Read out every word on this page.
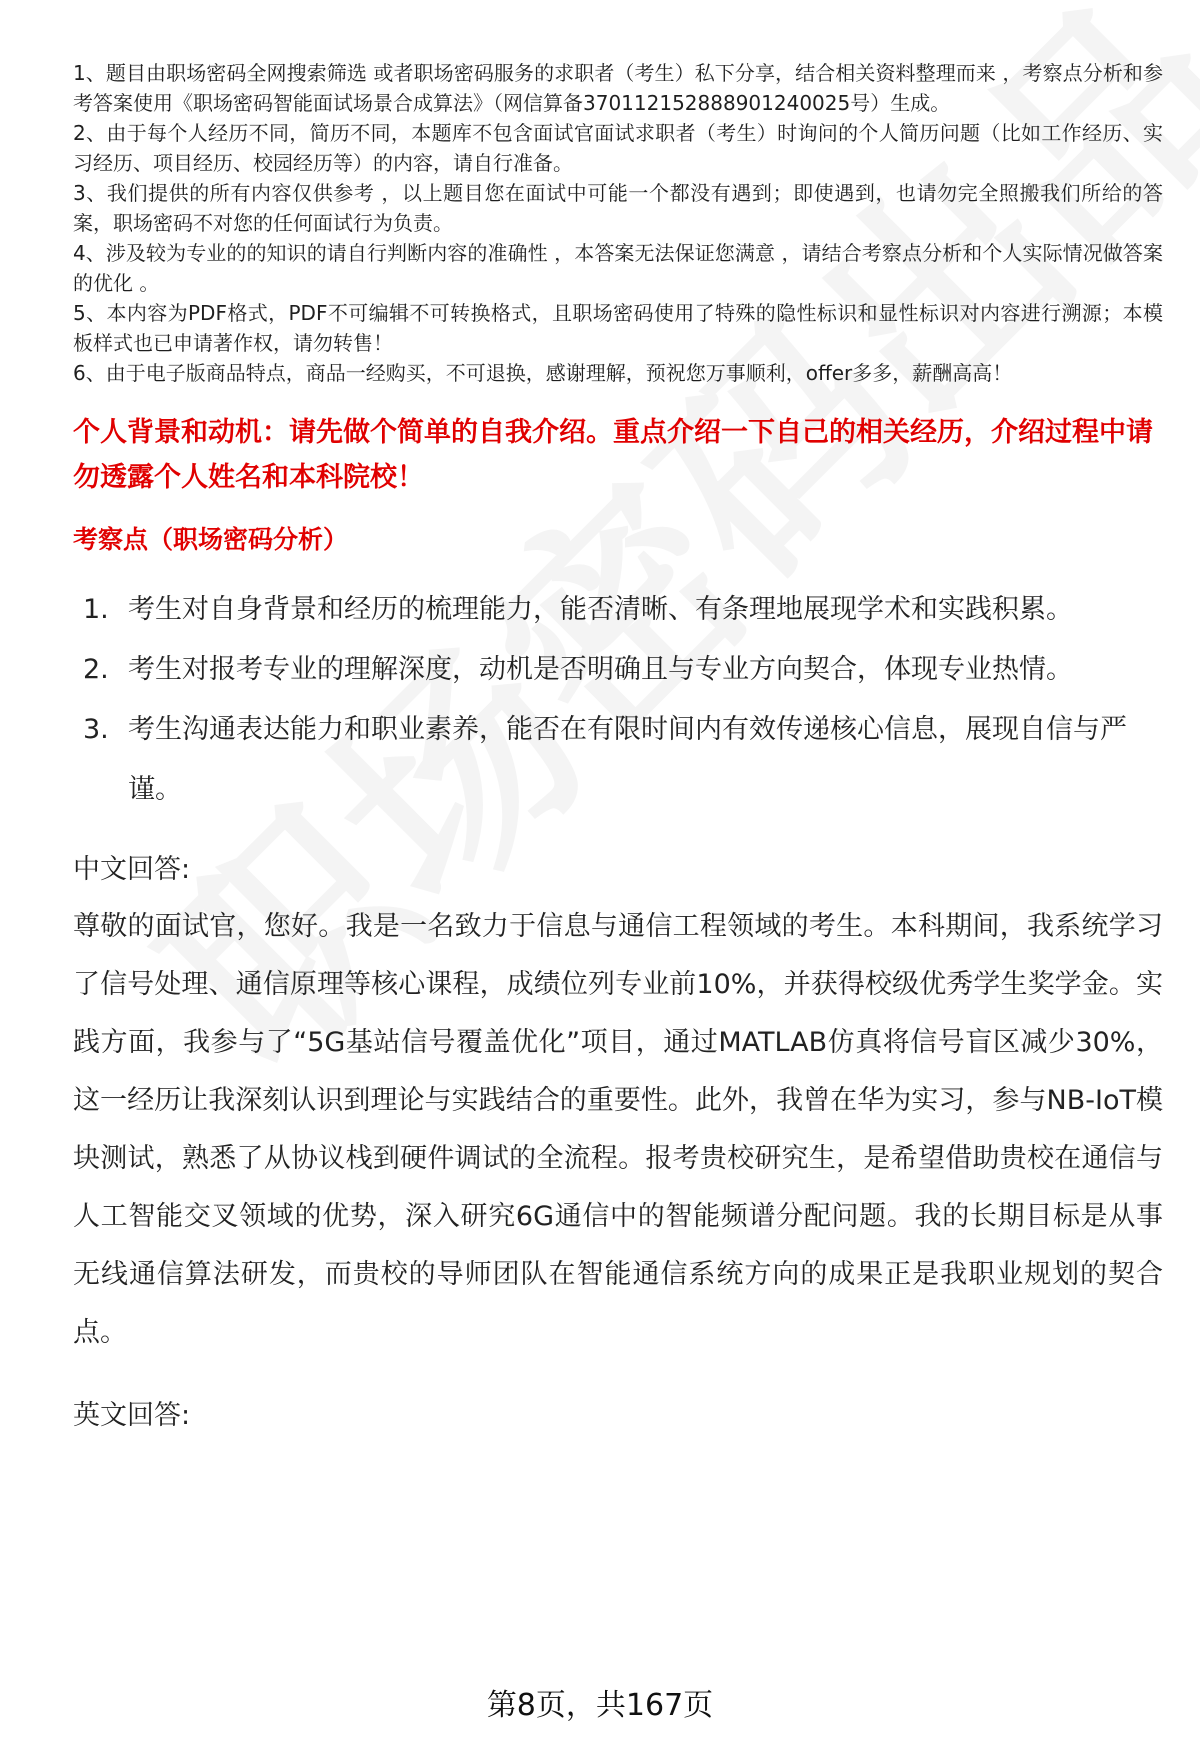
1、题目由职场密码全网搜索筛选 或者职场密码服务的求职者（考生）私下分享，结合相关资料整理而来 ，考察点分析和参考答案使用《职场密码智能面试场景合成算法》（网信算备370112152888901240025号）生成。

2、由于每个人经历不同，简历不同，本题库不包含面试官面试求职者（考生）时询问的个人简历问题（比如工作经历、实习经历、项目经历、校园经历等）的内容，请自行准备。

3、我们提供的所有内容仅供参考 ，以上题目您在面试中可能一个都没有遇到；即使遇到，也请勿完全照搬我们所给的答案，职场密码不对您的任何面试行为负责。

4、涉及较为专业的的知识的请自行判断内容的准确性 ，本答案无法保证您满意 ，请结合考察点分析和个人实际情况做答案的优化 。

5、本内容为PDF格式，PDF不可编辑不可转换格式，且职场密码使用了特殊的隐性标识和显性标识对内容进行溯源；本模板样式也已申请著作权，请勿转售！

6、由于电子版商品特点，商品一经购买，不可退换，感谢理解，预祝您万事顺利，offer多多，薪酬高高！

个人背景和动机：请先做个简单的自我介绍。重点介绍一下自己的相关经历，介绍过程中请勿透露个人姓名和本科院校！
考察点（职场密码分析）
1. 考生对自身背景和经历的梳理能力，能否清晰、有条理地展现学术和实践积累。
2. 考生对报考专业的理解深度，动机是否明确且与专业方向契合，体现专业热情。
3. 考生沟通表达能力和职业素养，能否在有限时间内有效传递核心信息，展现自信与严谨。
中文回答:
尊敬的面试官，您好。我是一名致力于信息与通信工程领域的考生。本科期间，我系统学习了信号处理、通信原理等核心课程，成绩位列专业前10%，并获得校级优秀学生奖学金。实践方面，我参与了“5G基站信号覆盖优化”项目，通过MATLAB仿真将信号盲区减少30%，这一经历让我深刻认识到理论与实践结合的重要性。此外，我曾在华为实习，参与NB-IoT模块测试，熟悉了从协议栈到硬件调试的全流程。报考贵校研究生，是希望借助贵校在通信与人工智能交叉领域的优势，深入研究6G通信中的智能频谱分配问题。我的长期目标是从事无线通信算法研发，而贵校的导师团队在智能通信系统方向的成果正是我职业规划的契合点。
英文回答:
第8页，共167页
